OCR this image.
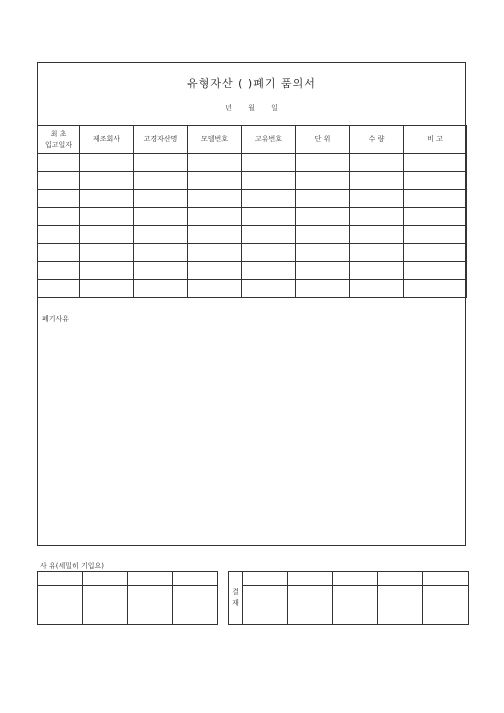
유형자산 ( )폐기 품의서
년 월 일
최 초
입고일자	제조회사	고경자산명	모델번호	고유번호	단 위	수 량	비 고

폐기사유
사 유(세밀히 기입요)

결
재					
